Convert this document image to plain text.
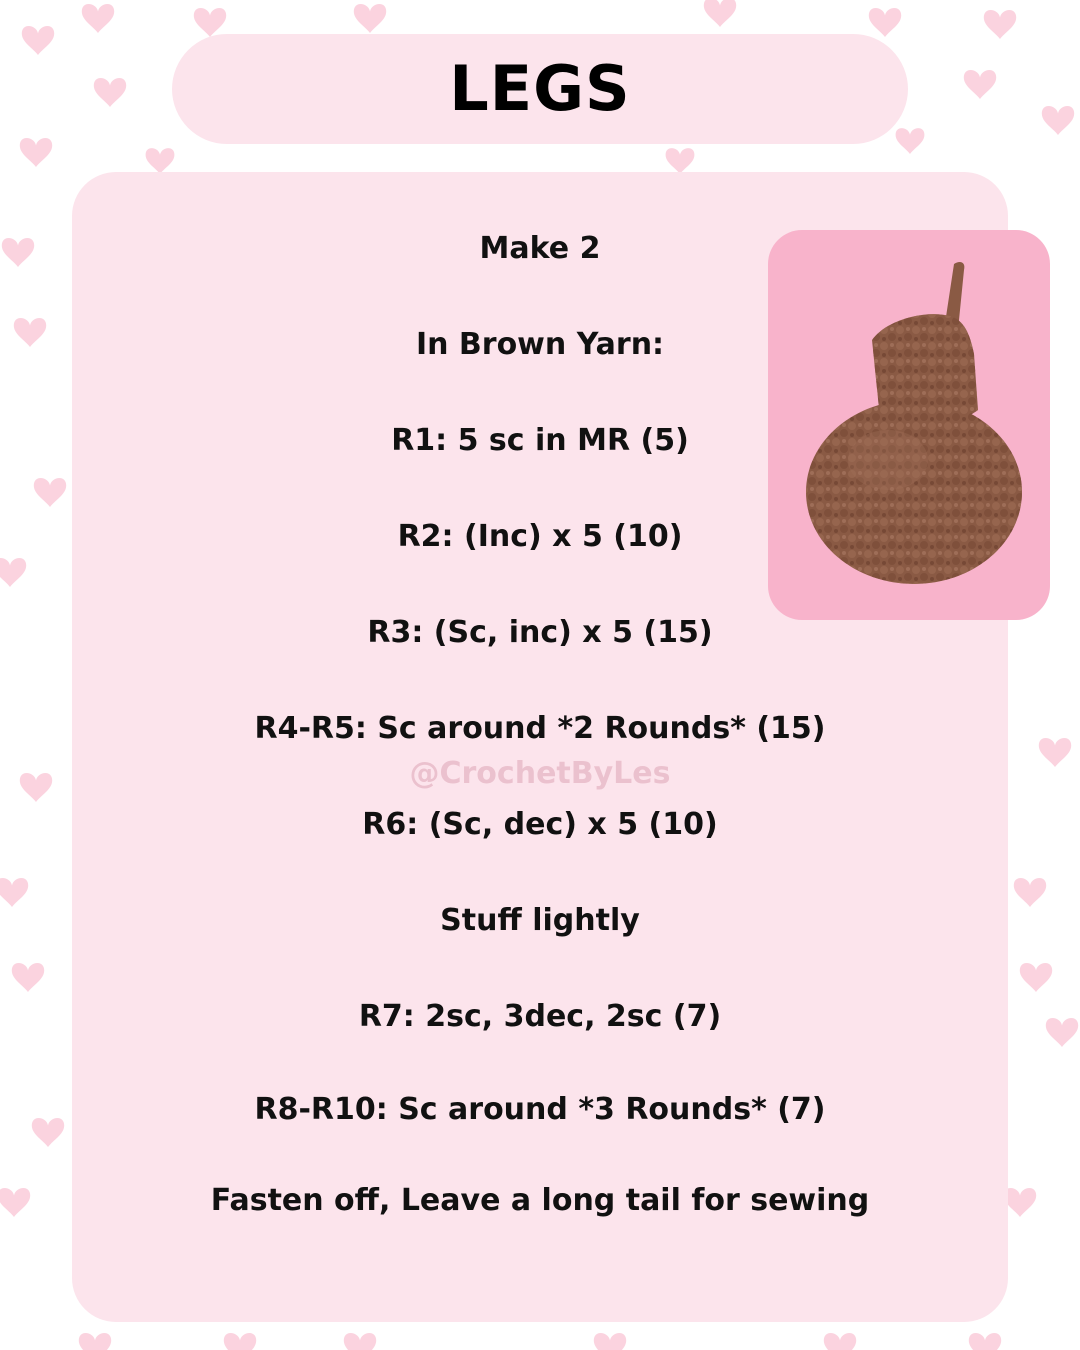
LEGS
Make 2
In Brown Yarn:
R1: 5 sc in MR (5)
R2: (Inc) x 5 (10)
R3: (Sc, inc) x 5 (15)
R4-R5: Sc around *2 Rounds* (15)
@CrochetByLes
R6: (Sc, dec) x 5 (10)
Stuff lightly
R7: 2sc, 3dec, 2sc (7)
R8-R10: Sc around *3 Rounds* (7)
Fasten off, Leave a long tail for sewing
